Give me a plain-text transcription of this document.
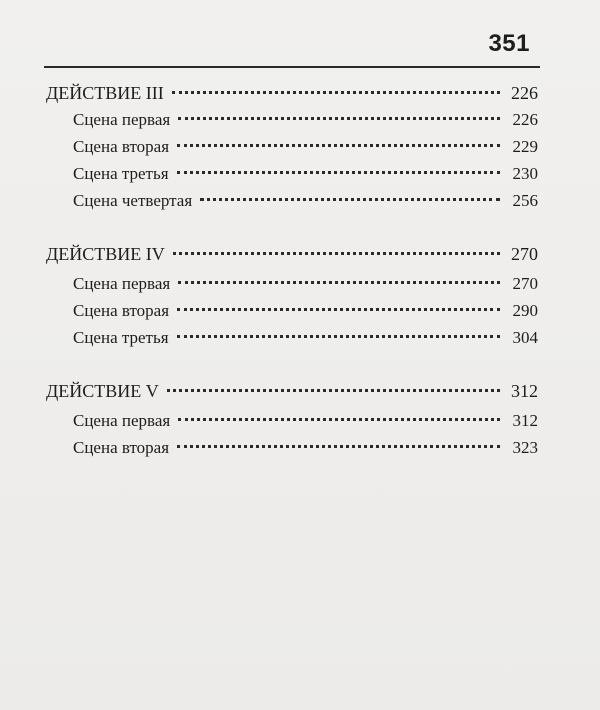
351
ДЕЙСТВИЕ III	226
Сцена первая	226
Сцена вторая	229
Сцена третья	230
Сцена четвертая	256
ДЕЙСТВИЕ IV	270
Сцена первая	270
Сцена вторая	290
Сцена третья	304
ДЕЙСТВИЕ V	312
Сцена первая	312
Сцена вторая	323
